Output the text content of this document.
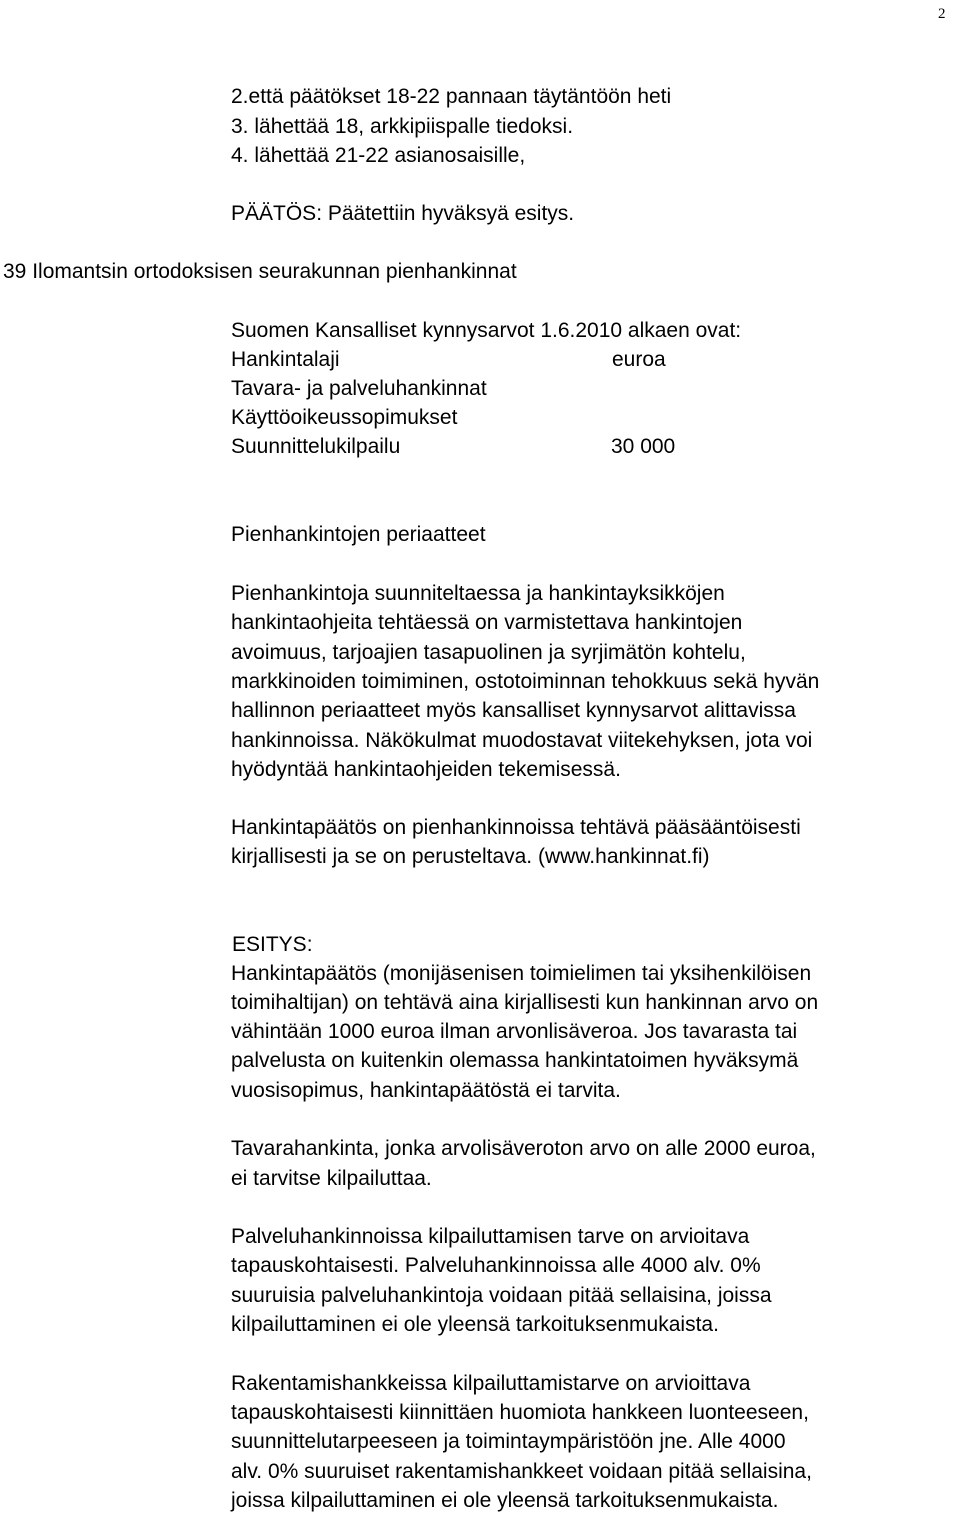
2
2.että päätökset 18-22 pannaan täytäntöön heti
3. lähettää 18, arkkipiispalle tiedoksi.
4. lähettää 21-22 asianosaisille,
PÄÄTÖS: Päätettiin hyväksyä esitys.
39 Ilomantsin ortodoksisen seurakunnan pienhankinnat
Suomen Kansalliset kynnysarvot 1.6.2010 alkaen ovat:
Hankintalaji	euroa
Tavara- ja palveluhankinnat
Käyttöoikeussopimukset
Suunnittelukilpailu	30 000
Pienhankintojen periaatteet
Pienhankintoja suunniteltaessa ja hankintayksikköjen
hankintaohjeita tehtäessä on varmistettava hankintojen
avoimuus, tarjoajien tasapuolinen ja syrjimätön kohtelu,
markkinoiden toimiminen, ostotoiminnan tehokkuus sekä hyvän
hallinnon periaatteet myös kansalliset kynnysarvot alittavissa
hankinnoissa. Näkökulmat muodostavat viitekehyksen, jota voi
hyödyntää hankintaohjeiden tekemisessä.
Hankintapäätös on pienhankinnoissa tehtävä pääsääntöisesti
kirjallisesti ja se on perusteltava. (www.hankinnat.fi)
ESITYS:
Hankintapäätös (monijäsenisen toimielimen tai yksihenkilöisen
toimihaltijan) on tehtävä aina kirjallisesti kun hankinnan arvo on
vähintään 1000 euroa ilman arvonlisäveroa. Jos tavarasta tai
palvelusta on kuitenkin olemassa hankintatoimen hyväksymä
vuosisopimus, hankintapäätöstä ei tarvita.
Tavarahankinta, jonka arvolisäveroton arvo on alle 2000 euroa,
ei tarvitse kilpailuttaa.
Palveluhankinnoissa kilpailuttamisen tarve on arvioitava
tapauskohtaisesti. Palveluhankinnoissa alle 4000 alv. 0%
suuruisia palveluhankintoja voidaan pitää sellaisina, joissa
kilpailuttaminen ei ole yleensä tarkoituksenmukaista.
Rakentamishankkeissa kilpailuttamistarve on arvioittava
tapauskohtaisesti kiinnittäen huomiota hankkeen luonteeseen,
suunnittelutarpeeseen ja toimintaympäristöön jne. Alle 4000
alv. 0% suuruiset rakentamishankkeet voidaan pitää sellaisina,
joissa kilpailuttaminen ei ole yleensä tarkoituksenmukaista.
